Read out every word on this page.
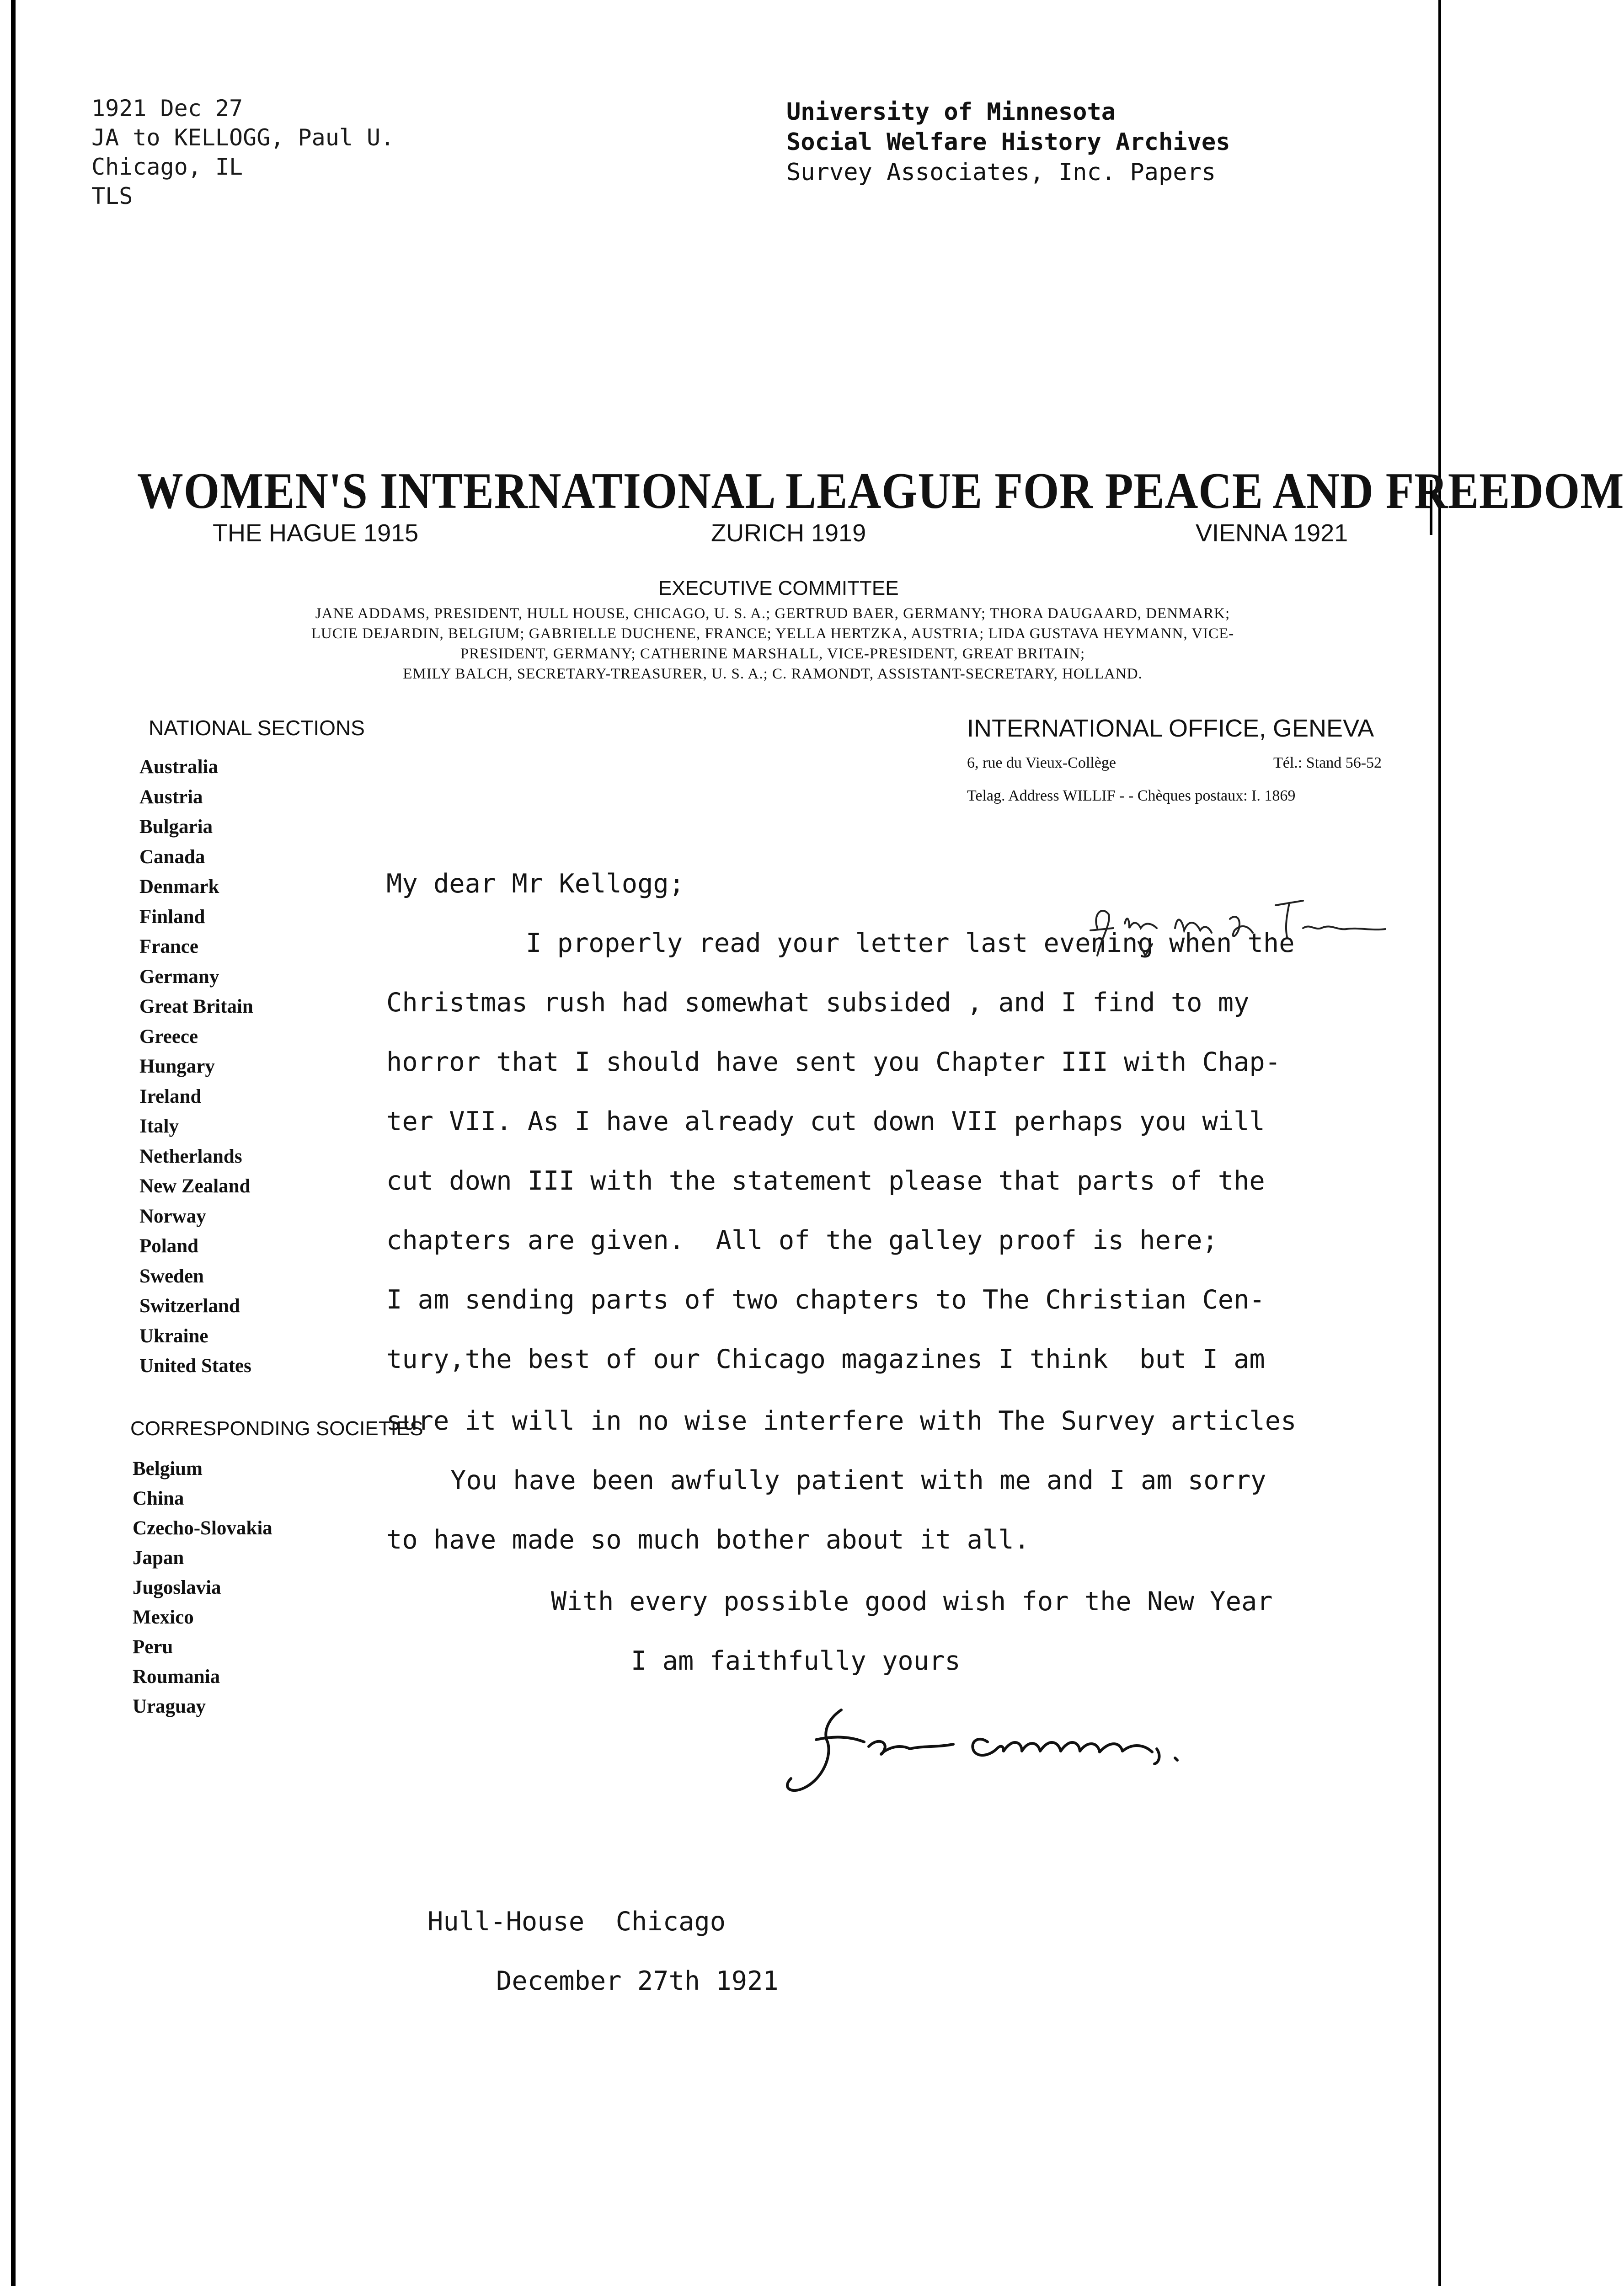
1921 Dec 27
JA to KELLOGG, Paul U.
Chicago, IL
TLS
University of Minnesota
Social Welfare History Archives
Survey Associates, Inc. Papers
WOMEN'S INTERNATIONAL LEAGUE FOR PEACE AND FREEDOM
THE HAGUE 1915	ZURICH 1919	VIENNA 1921
EXECUTIVE COMMITTEE
JANE ADDAMS, PRESIDENT, HULL HOUSE, CHICAGO, U. S. A.; GERTRUD BAER, GERMANY; THORA DAUGAARD, DENMARK;
LUCIE DEJARDIN, BELGIUM; GABRIELLE DUCHENE, FRANCE; YELLA HERTZKA, AUSTRIA; LIDA GUSTAVA HEYMANN, VICE-
PRESIDENT, GERMANY; CATHERINE MARSHALL, VICE-PRESIDENT, GREAT BRITAIN;
EMILY BALCH, SECRETARY-TREASURER, U. S. A.; C. RAMONDT, ASSISTANT-SECRETARY, HOLLAND.
NATIONAL SECTIONS
Australia
Austria
Bulgaria
Canada
Denmark
Finland
France
Germany
Great Britain
Greece
Hungary
Ireland
Italy
Netherlands
New Zealand
Norway
Poland
Sweden
Switzerland
Ukraine
United States
CORRESPONDING SOCIETIES
Belgium
China
Czecho-Slovakia
Japan
Jugoslavia
Mexico
Peru
Roumania
Uraguay
INTERNATIONAL OFFICE, GENEVA
6, rue du Vieux-Collège	Tél.: Stand 56-52
Telag. Address WILLIF - - Chèques postaux: I. 1869

My dear Mr Kellogg;

I properly read your letter last evening when the

Christmas rush had somewhat subsided , and I find to my

horror that I should have sent you Chapter III with Chap-

ter VII. As I have already cut down VII perhaps you will

cut down III with the statement please that parts of the

chapters are given.  All of the galley proof is here;

I am sending parts of two chapters to The Christian Cen-

tury,the best of our Chicago magazines I think  but I am

sure it will in no wise interfere with The Survey articles

You have been awfully patient with me and I am sorry

to have made so much bother about it all.

With every possible good wish for the New Year

I am faithfully yours

Hull-House  Chicago

December 27th 1921
